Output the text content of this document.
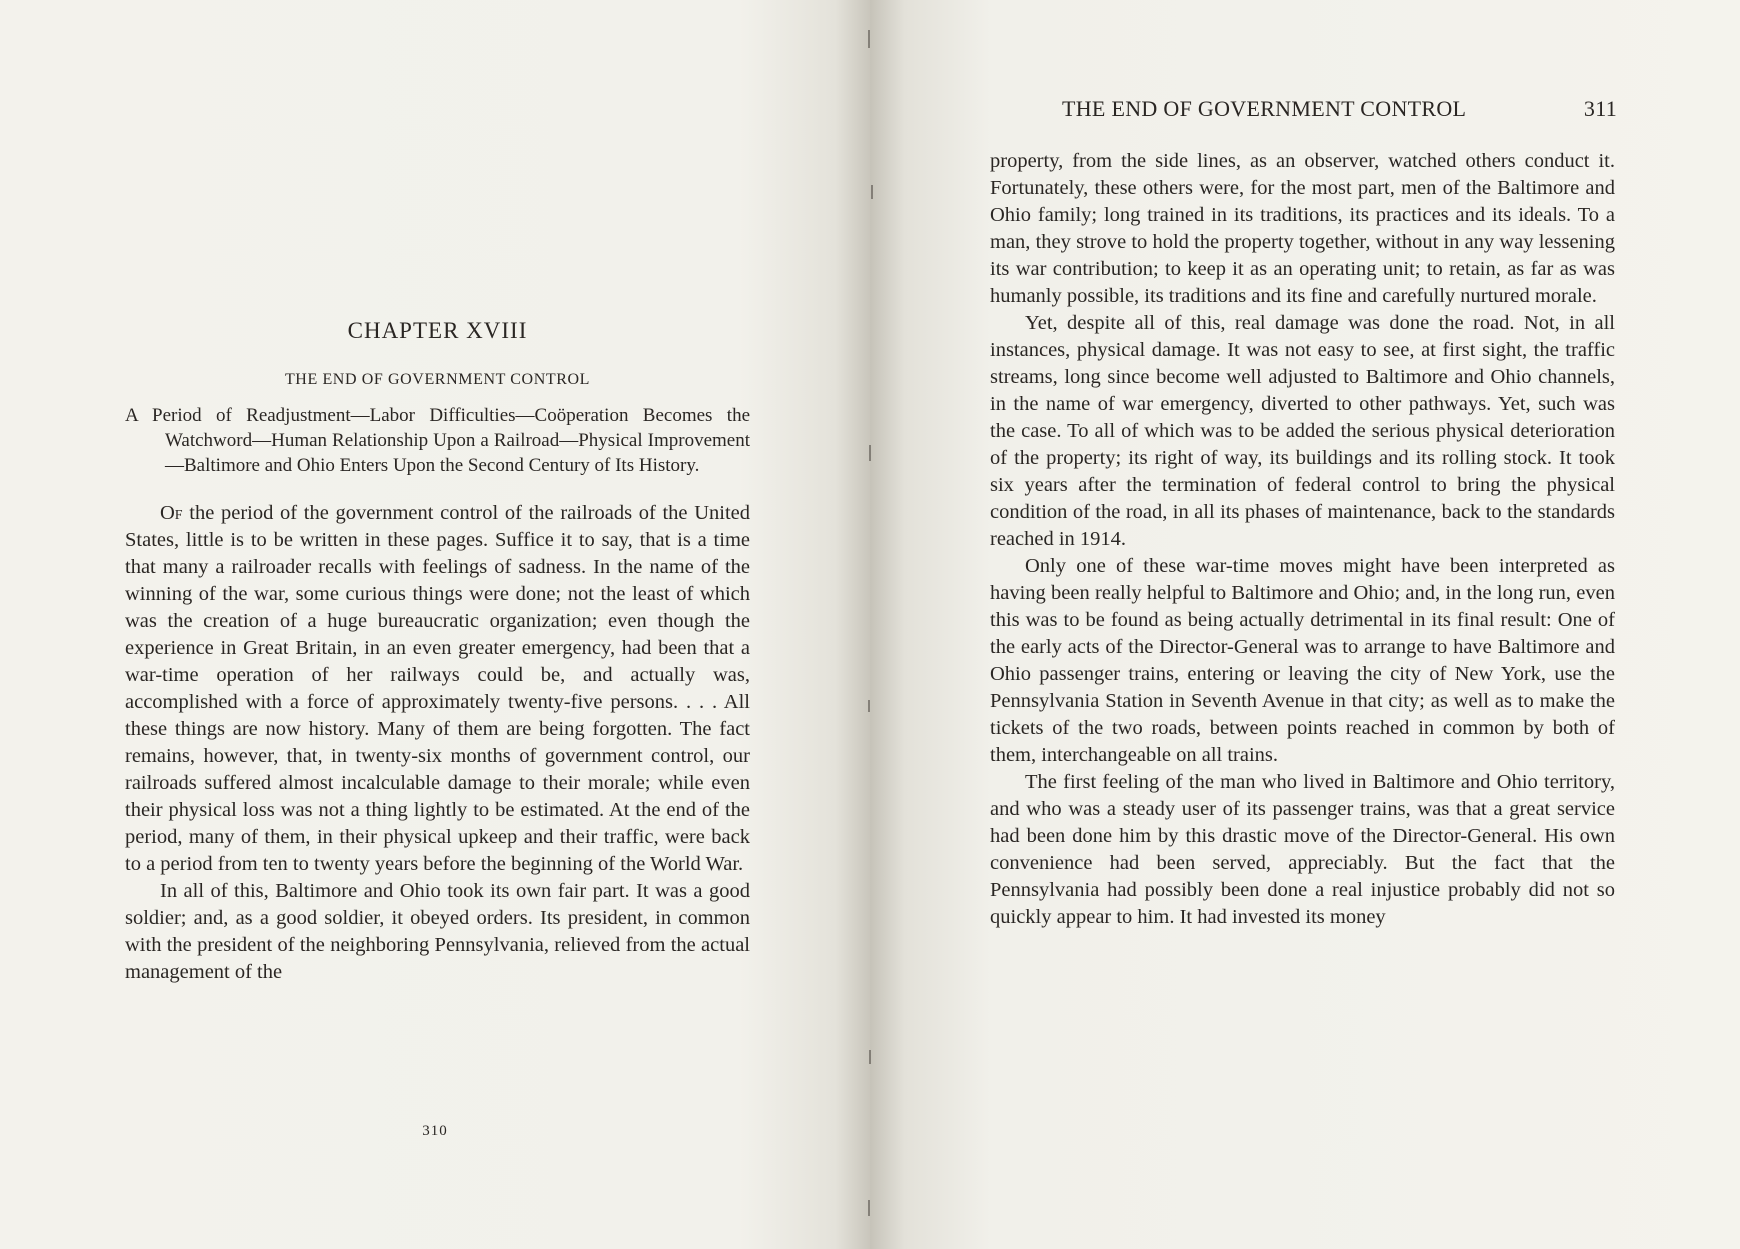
CHAPTER XVIII
THE END OF GOVERNMENT CONTROL

A Period of Readjustment—Labor Difficulties—Coöperation Becomes the Watchword—Human Relationship Upon a Railroad—Physical Improvement—Baltimore and Ohio Enters Upon the Second Century of Its History.

Of the period of the government control of the railroads of the United States, little is to be written in these pages. Suffice it to say, that is a time that many a railroader recalls with feelings of sadness. In the name of the winning of the war, some curious things were done; not the least of which was the creation of a huge bureaucratic organization; even though the experience in Great Britain, in an even greater emergency, had been that a war-time operation of her railways could be, and actually was, accomplished with a force of approximately twenty-five persons. . . . All these things are now history. Many of them are being forgotten. The fact remains, however, that, in twenty-six months of government control, our railroads suffered almost incalculable damage to their morale; while even their physical loss was not a thing lightly to be estimated. At the end of the period, many of them, in their physical upkeep and their traffic, were back to a period from ten to twenty years before the beginning of the World War.

In all of this, Baltimore and Ohio took its own fair part. It was a good soldier; and, as a good soldier, it obeyed orders. Its president, in common with the president of the neighboring Pennsylvania, relieved from the actual management of the

310
THE END OF GOVERNMENT CONTROL	311

property, from the side lines, as an observer, watched others conduct it. Fortunately, these others were, for the most part, men of the Baltimore and Ohio family; long trained in its traditions, its practices and its ideals. To a man, they strove to hold the property together, without in any way lessening its war contribution; to keep it as an operating unit; to retain, as far as was humanly possible, its traditions and its fine and carefully nurtured morale.

Yet, despite all of this, real damage was done the road. Not, in all instances, physical damage. It was not easy to see, at first sight, the traffic streams, long since become well adjusted to Baltimore and Ohio channels, in the name of war emergency, diverted to other pathways. Yet, such was the case. To all of which was to be added the serious physical deterioration of the property; its right of way, its buildings and its rolling stock. It took six years after the termination of federal control to bring the physical condition of the road, in all its phases of maintenance, back to the standards reached in 1914.

Only one of these war-time moves might have been interpreted as having been really helpful to Baltimore and Ohio; and, in the long run, even this was to be found as being actually detrimental in its final result: One of the early acts of the Director-General was to arrange to have Baltimore and Ohio passenger trains, entering or leaving the city of New York, use the Pennsylvania Station in Seventh Avenue in that city; as well as to make the tickets of the two roads, between points reached in common by both of them, interchangeable on all trains.

The first feeling of the man who lived in Baltimore and Ohio territory, and who was a steady user of its passenger trains, was that a great service had been done him by this drastic move of the Director-General. His own convenience had been served, appreciably. But the fact that the Pennsylvania had possibly been done a real injustice probably did not so quickly appear to him. It had invested its money
